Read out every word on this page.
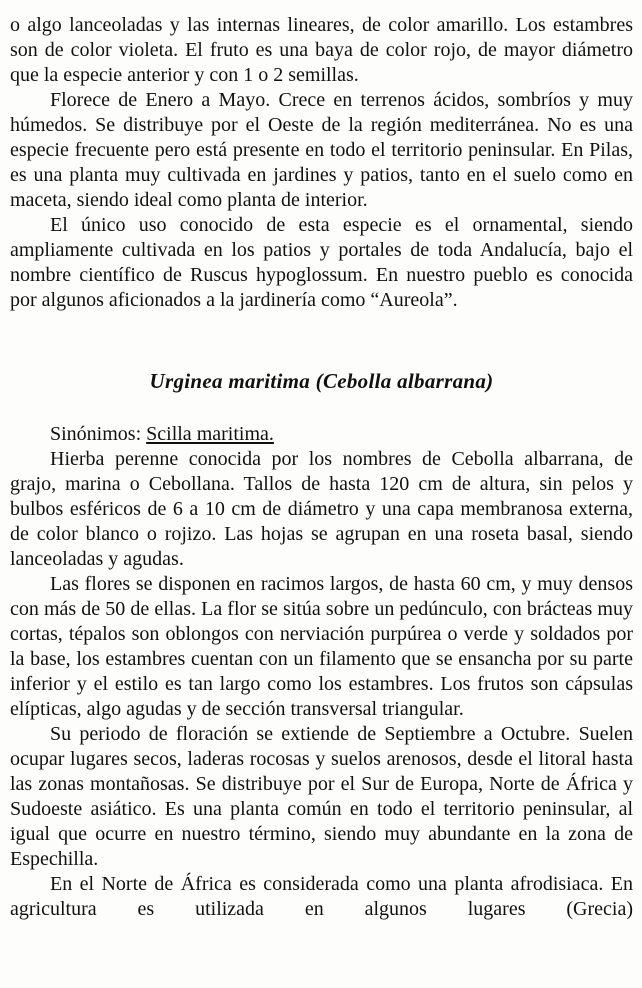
o algo lanceoladas y las internas lineares, de color amarillo. Los estambres son de color violeta. El fruto es una baya de color rojo, de mayor diámetro que la especie anterior y con 1 o 2 semillas.

Florece de Enero a Mayo. Crece en terrenos ácidos, sombríos y muy húmedos. Se distribuye por el Oeste de la región mediterránea. No es una especie frecuente pero está presente en todo el territorio peninsular. En Pilas, es una planta muy cultivada en jardines y patios, tanto en el suelo como en maceta, siendo ideal como planta de interior.

El único uso conocido de esta especie es el ornamental, siendo ampliamente cultivada en los patios y portales de toda Andalucía, bajo el nombre científico de Ruscus hypoglossum. En nuestro pueblo es conocida por algunos aficionados a la jardinería como “Aureola”.

Urginea maritima (Cebolla albarrana)

Sinónimos: Scilla maritima.

Hierba perenne conocida por los nombres de Cebolla albarrana, de grajo, marina o Cebollana. Tallos de hasta 120 cm de altura, sin pelos y bulbos esféricos de 6 a 10 cm de diámetro y una capa membranosa externa, de color blanco o rojizo. Las hojas se agrupan en una roseta basal, siendo lanceoladas y agudas.

Las flores se disponen en racimos largos, de hasta 60 cm, y muy densos con más de 50 de ellas. La flor se sitúa sobre un pedúnculo, con brácteas muy cortas, tépalos son oblongos con nerviación purpúrea o verde y soldados por la base, los estambres cuentan con un filamento que se ensancha por su parte inferior y el estilo es tan largo como los estambres. Los frutos son cápsulas elípticas, algo agudas y de sección transversal triangular.

Su periodo de floración se extiende de Septiembre a Octubre. Suelen ocupar lugares secos, laderas rocosas y suelos arenosos, desde el litoral hasta las zonas montañosas. Se distribuye por el Sur de Europa, Norte de África y Sudoeste asiático. Es una planta común en todo el territorio peninsular, al igual que ocurre en nuestro término, siendo muy abundante en la zona de Espechilla.

En el Norte de África es considerada como una planta afrodisiaca. En agricultura es utilizada en algunos lugares (Grecia)
